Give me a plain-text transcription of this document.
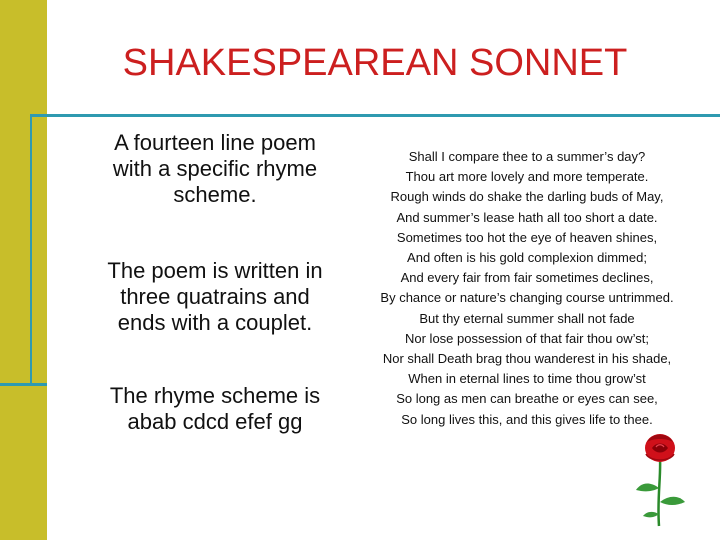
SHAKESPEAREAN SONNET
A fourteen line poem
with a specific rhyme
scheme.
The poem is written in
three quatrains and
ends with a couplet.
The rhyme scheme is
abab cdcd efef gg
Shall I compare thee to a summer’s day?
Thou art more lovely and more temperate.
Rough winds do shake the darling buds of May,
And summer’s lease hath all too short a date.
Sometimes too hot the eye of heaven shines,
And often is his gold complexion dimmed;
And every fair from fair sometimes declines,
By chance or nature’s changing course untrimmed.
But thy eternal summer shall not fade
Nor lose possession of that fair thou ow’st;
Nor shall Death brag thou wanderest in his shade,
When in eternal lines to time thou grow’st
So long as men can breathe or eyes can see,
So long lives this, and this gives life to thee.
